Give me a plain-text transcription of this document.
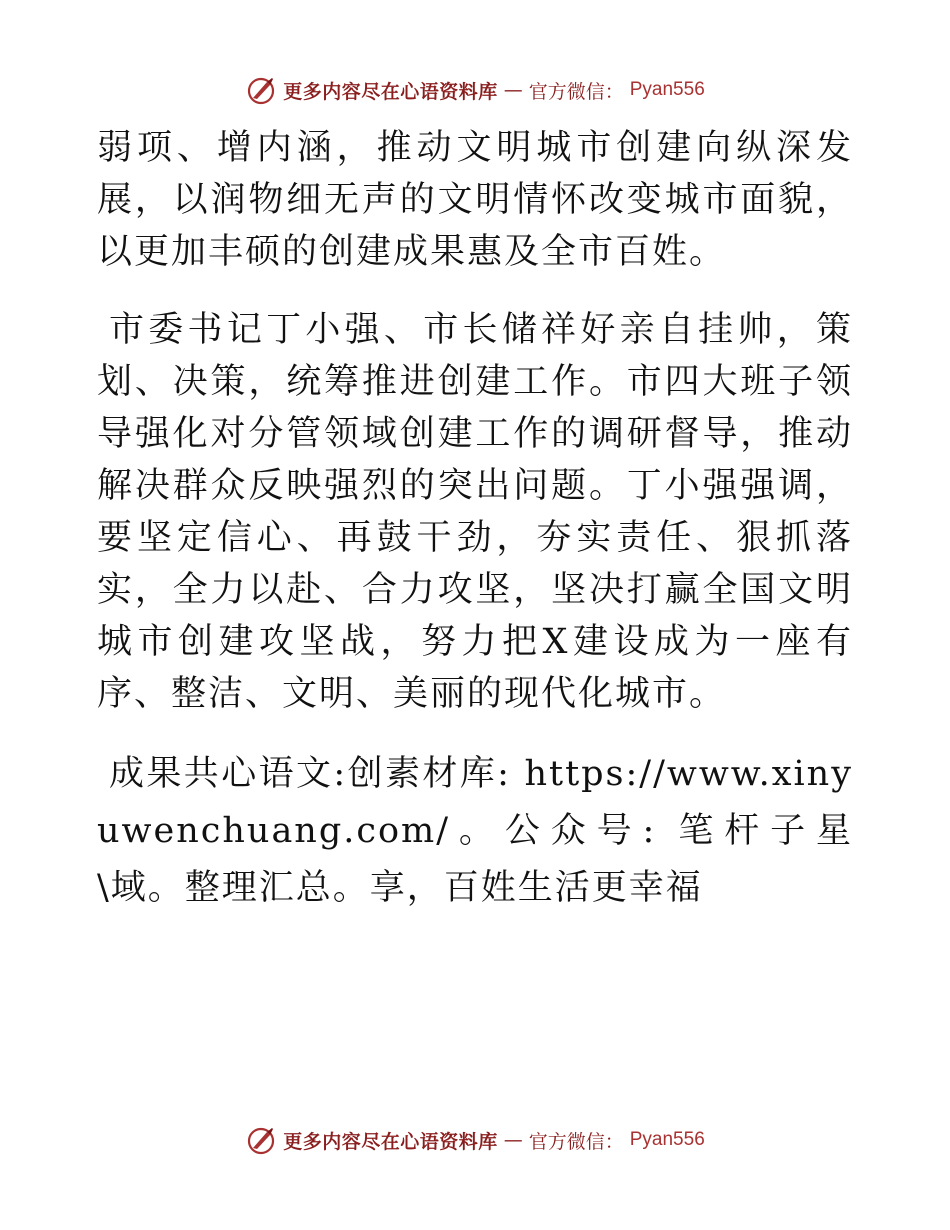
更多内容尽在心语资料库 — 官方微信： Pyan556

弱项、增内涵，推动文明城市创建向纵深发展，以润物细无声的文明情怀改变城市面貌，以更加丰硕的创建成果惠及全市百姓。

市委书记丁小强、市长储祥好亲自挂帅，策划、决策，统筹推进创建工作。市四大班子领导强化对分管领域创建工作的调研督导，推动解决群众反映强烈的突出问题。丁小强强调，要坚定信心、再鼓干劲，夯实责任、狠抓落实，全力以赴、合力攻坚，坚决打赢全国文明城市创建攻坚战，努力把X建设成为一座有序、整洁、文明、美丽的现代化城市。

成果共心语文:创素材库: https://www.xinyuwenchuang.com/。公众号: 笔杆子星\域。整理汇总。享，百姓生活更幸福

更多内容尽在心语资料库 — 官方微信： Pyan556
